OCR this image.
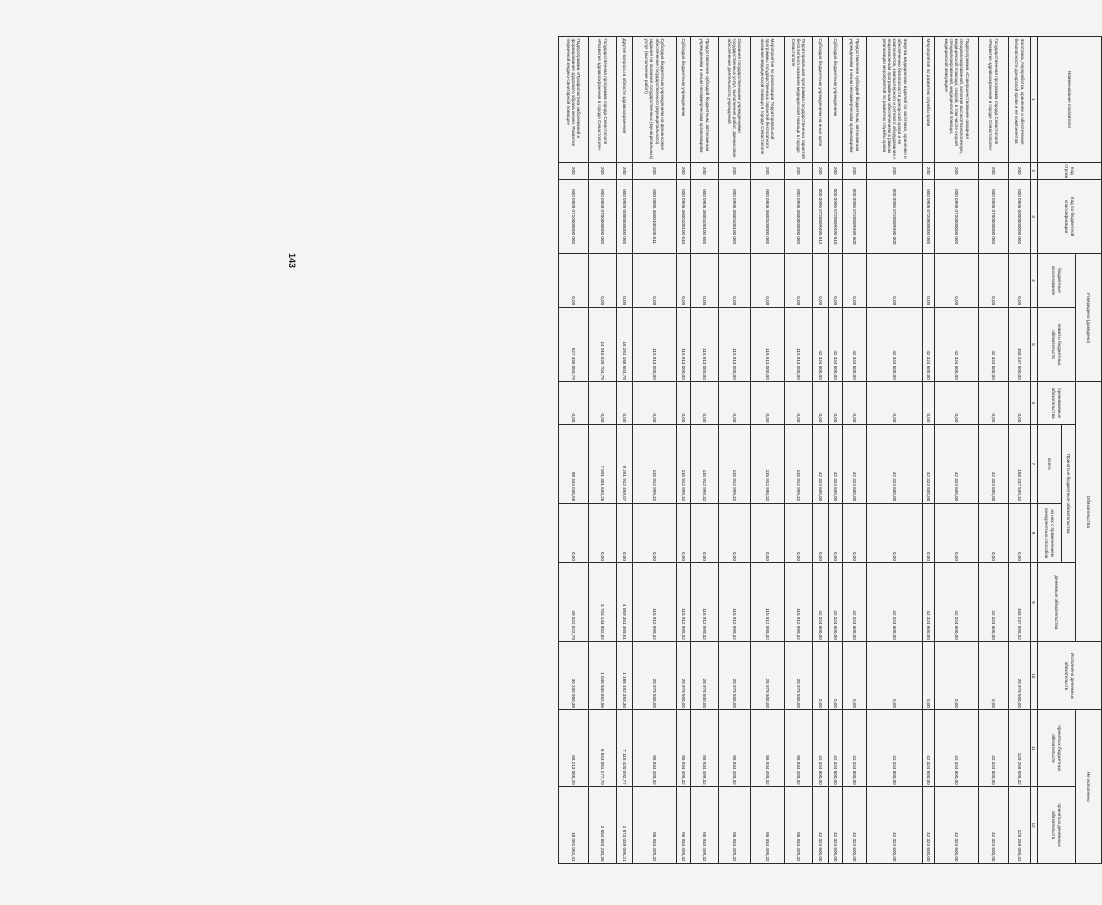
143
Наименование показателя	Код строки	Код по бюджетной классификации	Утверждено (доведено)		Обязательства				Исполнено денежных обязательств	Не исполнено	
			бюджетные ассигнования	лимиты бюджетных обязательств	принимаемые обязательства	Принятые бюджетные обязательства		денежные обязательства		принятых бюджетных обязательств	принятых денежных обязательств
						всего	из них с применением конкурентных способов				
1	2	3	4	5	6	7	8	9	10	11	12
Заготовка, переработка, хранение и обеспечение безопасности донорской крови и ее компонентов	200	000 0906 0000000000 000	0,00	158 237 600,00	0,00	158 237 599,32	0,00	158 237 599,32	28 978 500,00	129 259 099,32	129 259 099,32
Государственная программа города Севастополя «Развитие здравоохранения в городе Севастополе»	200	000 0906 0700000000 000	0,00	42 324 600,00	0,00	42 324 600,00	0,00	42 324 600,00	0,00	42 324 600,00	42 324 600,00
Подпрограмма «Совершенствование оказания специализированной, включая высокотехнологичную, медицинской помощи, скорой, в том числе скорой специализированной, медицинской помощи, медицинской эвакуации»	200	000 0906 0720000000 000	0,00	42 324 600,00	0,00	42 324 600,00	0,00	42 324 600,00	0,00	42 324 600,00	42 324 600,00
Мероприятия по развитию службы крови	200	000 0906 0720600000 000	0,00	42 324 600,00	0,00	42 324 600,00	0,00	42 324 600,00	0,00	42 324 600,00	42 324 600,00
Закупка медицинских изделий по заготовке, хранению и обеспечению безопасности донорской крови и ее компонентов, компьютерного и сетевого оборудования с лицензионным программным обеспечением в рамках реализации мероприятий по развитию службы крови	200	000 0906 072060R490 000	0,00	42 324 600,00	0,00	42 324 600,00	0,00	42 324 600,00	0,00	42 324 600,00	42 324 600,00
Предоставление субсидий бюджетным, автономным учреждениям и иным некоммерческим организациям	200	000 0906 072060R490 600	0,00	42 324 600,00	0,00	42 324 600,00	0,00	42 324 600,00	0,00	42 324 600,00	42 324 600,00
Субсидии бюджетным учреждениям	200	000 0906 072060R490 610	0,00	42 324 600,00	0,00	42 324 600,00	0,00	42 324 600,00	0,00	42 324 600,00	42 324 600,00
Субсидии бюджетным учреждениям на иные цели	200	000 0906 072060R490 612	0,00	42 324 600,00	0,00	42 324 600,00	0,00	42 324 600,00	0,00	42 324 600,00	42 324 600,00
Территориальная программа государственных гарантий бесплатного оказания медицинской помощи в городе Севастополе	200	000 0906 3600000000 000	0,00	115 913 000,00	0,00	115 912 999,32	0,00	115 912 999,32	28 978 500,00	86 934 499,32	86 934 499,32
Мероприятия по реализации Территориальной программы государственных гарантий бесплатного оказания медицинской помощи в городе Севастополе	200	000 0906 3600100000 000	0,00	115 913 000,00	0,00	115 912 999,32	0,00	115 912 999,32	28 978 500,00	86 934 499,32	86 934 499,32
Оказание государственными учреждениями государственных услуг, выполнение работ, финансовое обеспечение деятельности учреждений	200	000 0906 3600100100 000	0,00	115 913 000,00	0,00	115 912 999,32	0,00	115 912 999,32	28 978 500,00	86 934 499,32	86 934 499,32
Предоставление субсидий бюджетным, автономным учреждениям и иным некоммерческим организациям	200	000 0906 3600100100 600	0,00	115 913 000,00	0,00	115 912 999,32	0,00	115 912 999,32	28 978 500,00	86 934 499,32	86 934 499,32
Субсидии бюджетным учреждениям	200	000 0906 3600100100 610	0,00	115 913 000,00	0,00	115 912 999,32	0,00	115 912 999,32	28 978 500,00	86 934 499,32	86 934 499,32
Субсидии бюджетным учреждениям на финансовое обеспечение государственного (муниципального) задания на оказание государственных (муниципальных) услуг (выполнение работ)	200	000 0906 3600100100 611	0,00	115 913 000,00	0,00	115 912 999,32	0,00	115 912 999,32	28 978 500,00	86 934 499,32	86 934 499,32
Другие вопросы в области здравоохранения	200	000 0909 0000000000 000	0,00	15 281 168 604,78	0,00	9 251 912 469,07	0,00	4 059 351 489,51	1 186 492 393,30	7 115 420 092,77	2 873 039 096,21
Государственная программа города Севастополя «Развитие здравоохранения в городе Севастополе»	200	000 0909 0700000000 000	0,00	14 916 028 704,79	0,00	7 891 301 693,26	0,00	3 703 143 882,82	1 048 530 652,86	6 843 051 177,70	2 654 893 230,36
Подпрограмма «Профилактика заболеваний и формирование здорового образа жизни. Развитие первичной медико-санитарной помощи»	200	000 0909 0710000000 000	0,00	627 456 050,79	0,00	98 444 045,58	0,00	49 322 022,79	30 230 960,38	68 213 085,20	18 091 062,41
